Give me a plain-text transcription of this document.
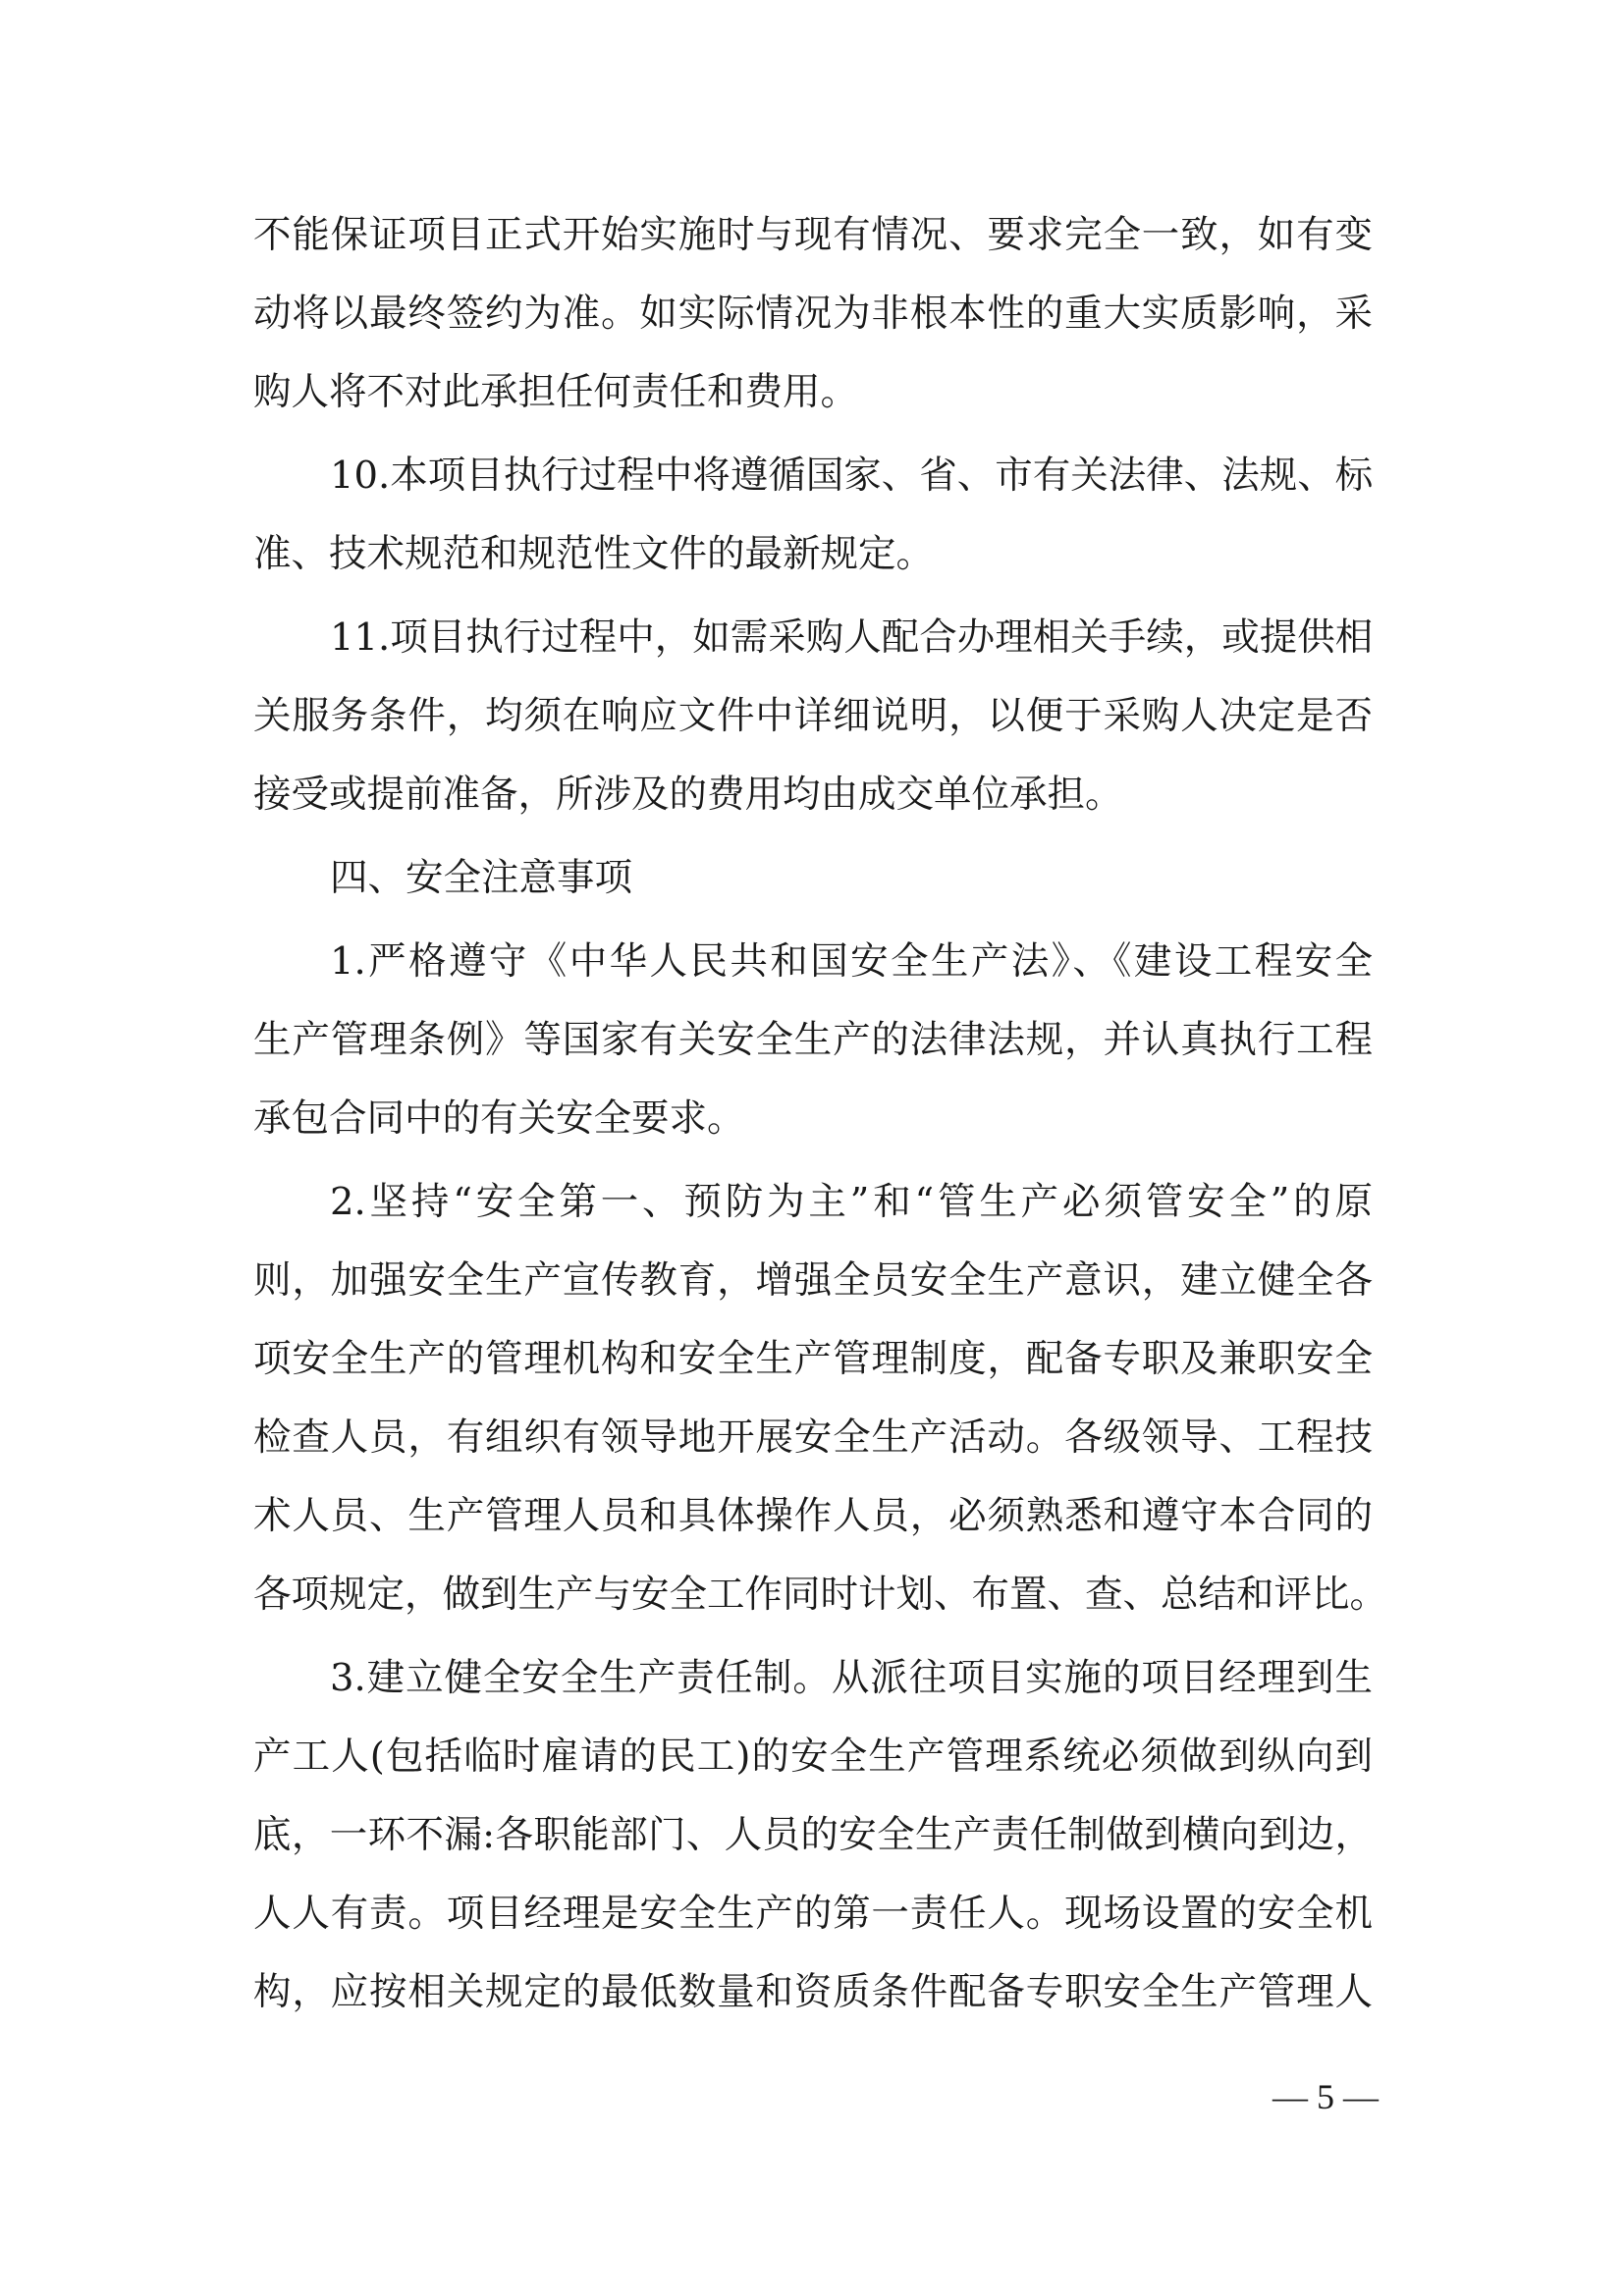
不能保证项目正式开始实施时与现有情况、要求完全一致，如有变
动将以最终签约为准。如实际情况为非根本性的重大实质影响，采
购人将不对此承担任何责任和费用。
10.本项目执行过程中将遵循国家、省、市有关法律、法规、标
准、技术规范和规范性文件的最新规定。
11.项目执行过程中，如需采购人配合办理相关手续，或提供相
关服务条件，均须在响应文件中详细说明，以便于采购人决定是否
接受或提前准备，所涉及的费用均由成交单位承担。
四、安全注意事项
1.严格遵守《中华人民共和国安全生产法》、《建设工程安全
生产管理条例》等国家有关安全生产的法律法规，并认真执行工程
承包合同中的有关安全要求。
2.坚持“安全第一、预防为主”和“管生产必须管安全”的原
则，加强安全生产宣传教育，增强全员安全生产意识，建立健全各
项安全生产的管理机构和安全生产管理制度，配备专职及兼职安全
检查人员，有组织有领导地开展安全生产活动。各级领导、工程技
术人员、生产管理人员和具体操作人员，必须熟悉和遵守本合同的
各项规定，做到生产与安全工作同时计划、布置、查、总结和评比。
3.建立健全安全生产责任制。从派往项目实施的项目经理到生
产工人(包括临时雇请的民工)的安全生产管理系统必须做到纵向到
底，一环不漏:各职能部门、人员的安全生产责任制做到横向到边，
人人有责。项目经理是安全生产的第一责任人。现场设置的安全机
构，应按相关规定的最低数量和资质条件配备专职安全生产管理人
— 5 —
